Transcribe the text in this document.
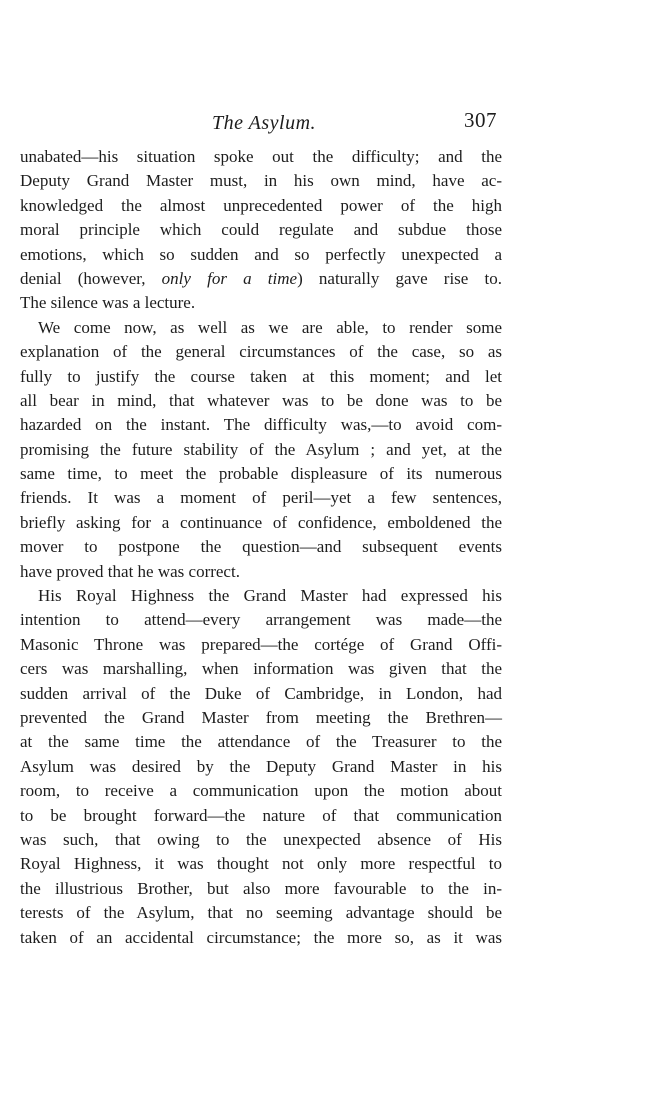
The Asylum.	307
unabated—his situation spoke out the difficulty; and the
Deputy Grand Master must, in his own mind, have ac-
knowledged the almost unprecedented power of the high
moral principle which could regulate and subdue those
emotions, which so sudden and so perfectly unexpected a
denial (however, only for a time) naturally gave rise to.
The silence was a lecture.
We come now, as well as we are able, to render some
explanation of the general circumstances of the case, so as
fully to justify the course taken at this moment; and let
all bear in mind, that whatever was to be done was to be
hazarded on the instant. The difficulty was,—to avoid com-
promising the future stability of the Asylum ; and yet, at the
same time, to meet the probable displeasure of its numerous
friends. It was a moment of peril—yet a few sentences,
briefly asking for a continuance of confidence, emboldened the
mover to postpone the question—and subsequent events
have proved that he was correct.
His Royal Highness the Grand Master had expressed his
intention to attend—every arrangement was made—the
Masonic Throne was prepared—the cortége of Grand Offi-
cers was marshalling, when information was given that the
sudden arrival of the Duke of Cambridge, in London, had
prevented the Grand Master from meeting the Brethren—
at the same time the attendance of the Treasurer to the
Asylum was desired by the Deputy Grand Master in his
room, to receive a communication upon the motion about
to be brought forward—the nature of that communication
was such, that owing to the unexpected absence of His
Royal Highness, it was thought not only more respectful to
the illustrious Brother, but also more favourable to the in-
terests of the Asylum, that no seeming advantage should be
taken of an accidental circumstance; the more so, as it was
